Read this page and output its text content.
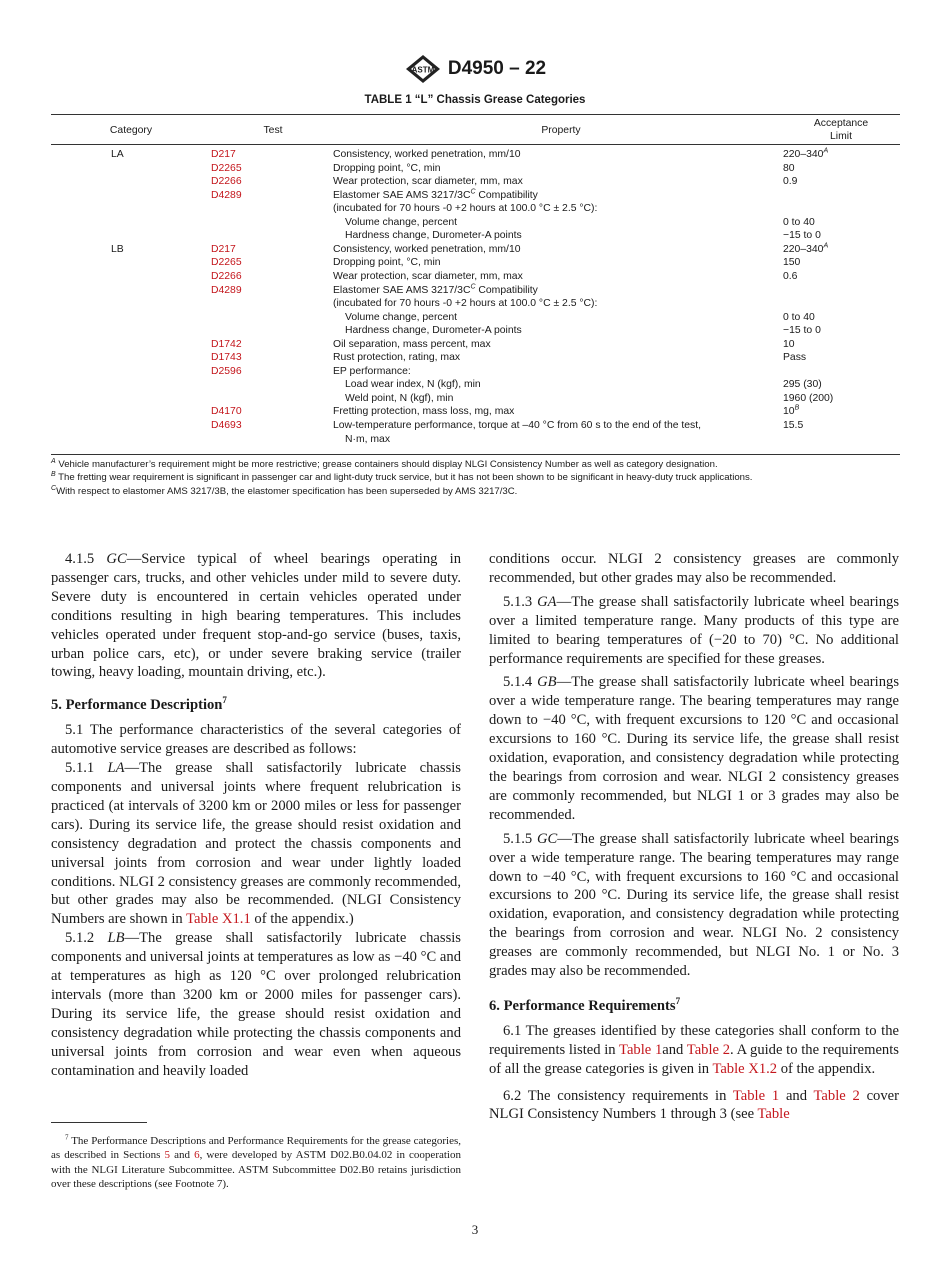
ASTM D4950 – 22
TABLE 1 “L” Chassis Grease Categories
Category	Test	Property
Acceptance
Limit
LA	D217	Consistency, worked penetration, mm/10	$220-340^A$
D2265	Dropping point, °C, min	80
D2266	Wear protection, scar diameter, mm, max	0.9
D4289	Elastomer SAE AMS $3217/3C^C$ Compatibility
(incubated for 70 hours -0 +2 hours at 100.0 °C ± 2.5 °C):
Volume change, percent	0 to 40
Hardness change, Durometer-A points	−15 to 0
LB	D217	Consistency, worked penetration, mm/10	$220-340^A$
D2265	Dropping point, °C, min	150
D2266	Wear protection, scar diameter, mm, max	0.6
D4289	Elastomer SAE AMS $3217/3C^C$ Compatibility
(incubated for 70 hours -0 +2 hours at 100.0 °C ± 2.5 °C):
Volume change, percent	0 to 40
Hardness change, Durometer-A points	−15 to 0
D1742	Oil separation, mass percent, max	10
D1743	Rust protection, rating, max	Pass
D2596	EP performance:
Load wear index, N (kgf), min	295 (30)
Weld point, N (kgf), min	1960 (200)
D4170	Fretting protection, mass loss, mg, max	$10^B$
D4693	Low-temperature performance, torque at –40 °C from 60 s to the end of the test,	15.5
N·m, max
$^A$ Vehicle manufacturer’s requirement might be more restrictive; grease containers should display NLGI Consistency Number as well as category designation.
$^B$ The fretting wear requirement is significant in passenger car and light-duty truck service, but it has not been shown to be significant in heavy-duty truck applications.
$^C$With respect to elastomer AMS 3217/3B, the elastomer specification has been superseded by AMS 3217/3C.

4.1.5 GC—Service typical of wheel bearings operating in passenger cars, trucks, and other vehicles under mild to severe duty. Severe duty is encountered in certain vehicles operated under conditions resulting in high bearing temperatures. This includes vehicles operated under frequent stop-and-go service (buses, taxis, urban police cars, etc), or under severe braking service (trailer towing, heavy loading, mountain driving, etc.).

5. Performance Description$^7$

5.1 The performance characteristics of the several categories of automotive service greases are described as follows:

5.1.1 LA—The grease shall satisfactorily lubricate chassis components and universal joints where frequent relubrication is practiced (at intervals of 3200 km or 2000 miles or less for passenger cars). During its service life, the grease should resist oxidation and consistency degradation and protect the chassis components and universal joints from corrosion and wear under lightly loaded conditions. NLGI 2 consistency greases are commonly recommended, but other grades may also be recommended. (NLGI Consistency Numbers are shown in Table X1.1 of the appendix.)

5.1.2 LB—The grease shall satisfactorily lubricate chassis components and universal joints at temperatures as low as −40 °C and at temperatures as high as 120 °C over prolonged relubrication intervals (more than 3200 km or 2000 miles for passenger cars). During its service life, the grease should resist oxidation and consistency degradation while protecting the chassis components and universal joints from corrosion and wear even when aqueous contamination and heavily loaded

conditions occur. NLGI 2 consistency greases are commonly recommended, but other grades may also be recommended.

5.1.3 GA—The grease shall satisfactorily lubricate wheel bearings over a limited temperature range. Many products of this type are limited to bearing temperatures of (−20 to 70) °C. No additional performance requirements are specified for these greases.

5.1.4 GB—The grease shall satisfactorily lubricate wheel bearings over a wide temperature range. The bearing temperatures may range down to −40 °C, with frequent excursions to 120 °C and occasional excursions to 160 °C. During its service life, the grease shall resist oxidation, evaporation, and consistency degradation while protecting the bearings from corrosion and wear. NLGI 2 consistency greases are commonly recommended, but NLGI 1 or 3 grades may also be recommended.

5.1.5 GC—The grease shall satisfactorily lubricate wheel bearings over a wide temperature range. The bearing temperatures may range down to −40 °C, with frequent excursions to 160 °C and occasional excursions to 200 °C. During its service life, the grease shall resist oxidation, evaporation, and consistency degradation while protecting the bearings from corrosion and wear. NLGI No. 2 consistency greases are commonly recommended, but NLGI No. 1 or No. 3 grades may also be recommended.

6. Performance Requirements$^7$

6.1 The greases identified by these categories shall conform to the requirements listed in Table 1and Table 2. A guide to the requirements of all the grease categories is given in Table X1.2 of the appendix.

6.2 The consistency requirements in Table 1 and Table 2 cover NLGI Consistency Numbers 1 through 3 (see Table

$^7$ The Performance Descriptions and Performance Requirements for the grease categories, as described in Sections 5 and 6, were developed by ASTM D02.B0.04.02 in cooperation with the NLGI Literature Subcommittee. ASTM Subcommittee D02.B0 retains jurisdiction over these descriptions (see Footnote 7).
3
